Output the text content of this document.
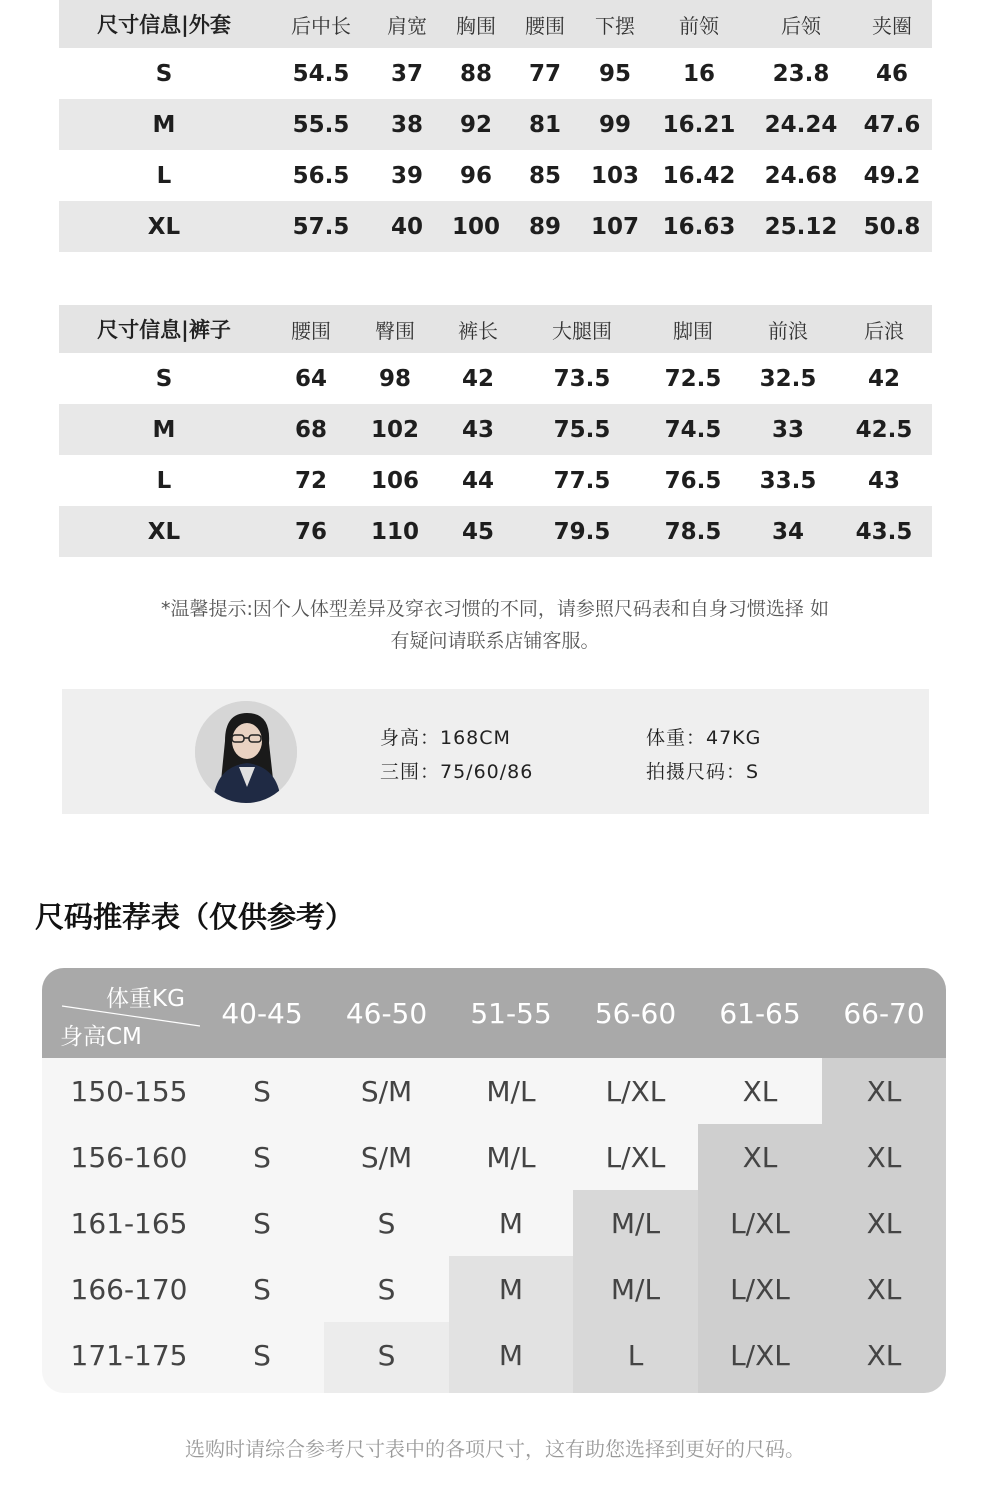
尺寸信息|外套	后中长	肩宽	胸围	腰围	下摆	前领	后领	夹圈
S	54.5	37	88	77	95	16	23.8	46
M	55.5	38	92	81	99	16.21	24.24	47.6
L	56.5	39	96	85	103	16.42	24.68	49.2
XL	57.5	40	100	89	107	16.63	25.12	50.8
尺寸信息|裤子	腰围	臀围	裤长	大腿围	脚围	前浪	后浪
S	64	98	42	73.5	72.5	32.5	42
M	68	102	43	75.5	74.5	33	42.5
L	72	106	44	77.5	76.5	33.5	43
XL	76	110	45	79.5	78.5	34	43.5
*温馨提示:因个人体型差异及穿衣习惯的不同，请参照尺码表和自身习惯选择 如
有疑问请联系店铺客服。
身高：168CM
三围：75/60/86
体重：47KG
拍摄尺码：S
尺码推荐表（仅供参考）
体重KG
身高CM
40-45	46-50	51-55	56-60	61-65	66-70
150-155	S	S/M	M/L	L/XL	XL	XL
156-160	S	S/M	M/L	L/XL	XL	XL
161-165	S	S	M	M/L	L/XL	XL
166-170	S	S	M	M/L	L/XL	XL
171-175	S	S	M	L	L/XL	XL
选购时请综合参考尺寸表中的各项尺寸，这有助您选择到更好的尺码。
